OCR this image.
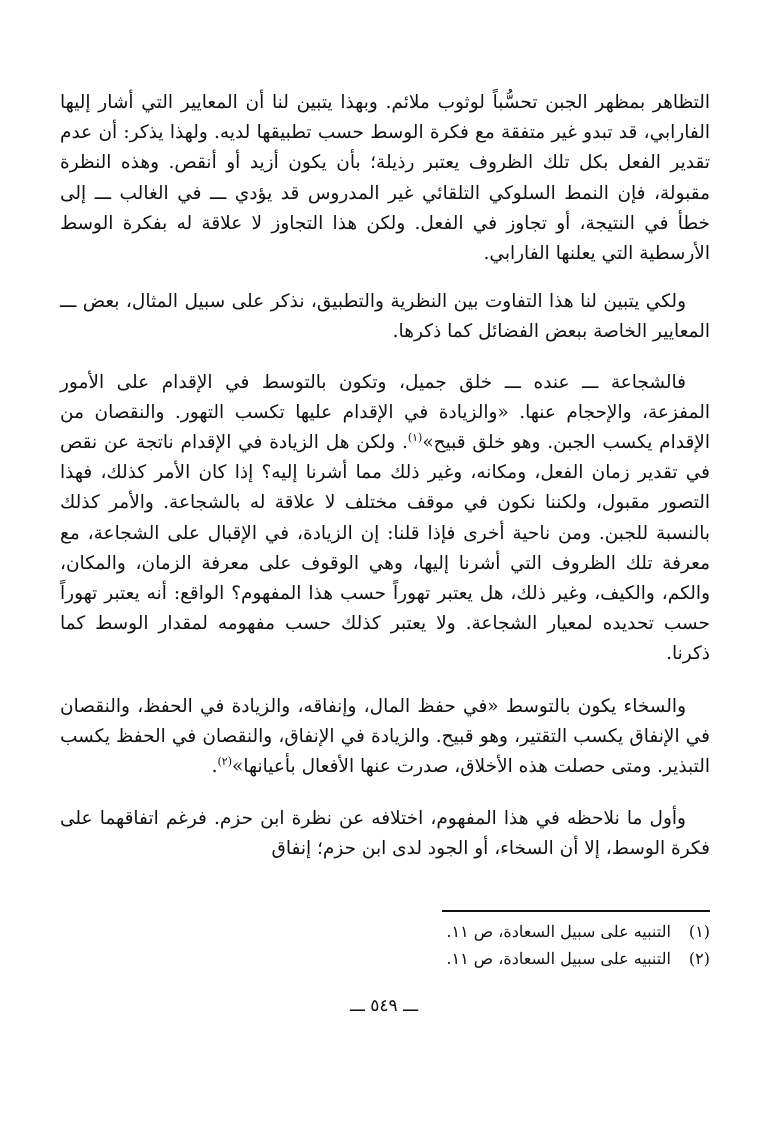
التظاهر بمظهر الجبن تحسُّباً لوثوب ملائم. وبهذا يتبين لنا أن المعايير التي أشار إليها الفارابي، قد تبدو غير متفقة مع فكرة الوسط حسب تطبيقها لديه. ولهذا يذكر: أن عدم تقدير الفعل بكل تلك الظروف يعتبر رذيلة؛ بأن يكون أزيد أو أنقص. وهذه النظرة مقبولة، فإن النمط السلوكي التلقائي غير المدروس قد يؤدي ـــ في الغالب ـــ إلى خطأ في النتيجة، أو تجاوز في الفعل. ولكن هذا التجاوز لا علاقة له بفكرة الوسط الأرسطية التي يعلنها الفارابي.

ولكي يتبين لنا هذا التفاوت بين النظرية والتطبيق، نذكر على سبيل المثال، بعض ـــ المعايير الخاصة ببعض الفضائل كما ذكرها.

فالشجاعة ـــ عنده ـــ خلق جميل، وتكون بالتوسط في الإقدام على الأمور المفزعة، والإحجام عنها. «والزيادة في الإقدام عليها تكسب التهور. والنقصان من الإقدام يكسب الجبن. وهو خلق قبيح»$^{(١)}$. ولكن هل الزيادة في الإقدام ناتجة عن نقص في تقدير زمان الفعل، ومكانه، وغير ذلك مما أشرنا إليه؟ إذا كان الأمر كذلك، فهذا التصور مقبول، ولكننا نكون في موقف مختلف لا علاقة له بالشجاعة. والأمر كذلك بالنسبة للجبن. ومن ناحية أخرى فإذا قلنا: إن الزيادة، في الإقبال على الشجاعة، مع معرفة تلك الظروف التي أشرنا إليها، وهي الوقوف على معرفة الزمان، والمكان، والكم، والكيف، وغير ذلك، هل يعتبر تهوراً حسب هذا المفهوم؟ الواقع: أنه يعتبر تهوراً حسب تحديده لمعيار الشجاعة. ولا يعتبر كذلك حسب مفهومه لمقدار الوسط كما ذكرنا.

والسخاء يكون بالتوسط «في حفظ المال، وإنفاقه، والزيادة في الحفظ، والنقصان في الإنفاق يكسب التقتير، وهو قبيح. والزيادة في الإنفاق، والنقصان في الحفظ يكسب التبذير. ومتى حصلت هذه الأخلاق، صدرت عنها الأفعال بأعيانها»$^{(٢)}$.

وأول ما نلاحظه في هذا المفهوم، اختلافه عن نظرة ابن حزم. فرغم اتفاقهما على فكرة الوسط، إلا أن السخاء، أو الجود لدى ابن حزم؛ إنفاق

(١) التنبيه على سبيل السعادة، ص ١١.
(٢) التنبيه على سبيل السعادة، ص ١١.
ـــ ٥٤٩ ـــ
